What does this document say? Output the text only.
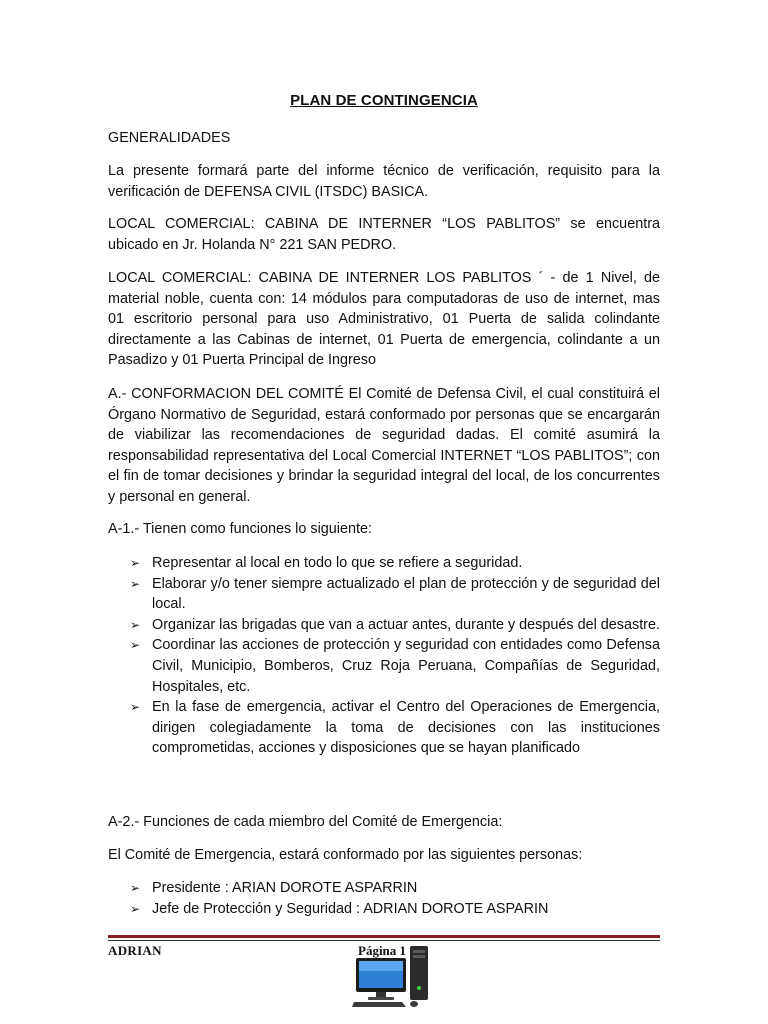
PLAN DE CONTINGENCIA

GENERALIDADES

La presente formará parte del informe técnico de verificación, requisito para la verificación de DEFENSA CIVIL (ITSDC) BASICA.

LOCAL COMERCIAL: CABINA DE INTERNER “LOS PABLITOS” se encuentra ubicado en Jr. Holanda N° 221 SAN PEDRO.

LOCAL COMERCIAL: CABINA DE INTERNER LOS PABLITOS ´ - de 1 Nivel, de material noble, cuenta con: 14 módulos para computadoras de uso de internet, mas 01 escritorio personal para uso Administrativo, 01 Puerta de salida colindante directamente a las Cabinas de internet, 01 Puerta de emergencia, colindante a un Pasadizo y 01 Puerta Principal de Ingreso

A.- CONFORMACION DEL COMITÉ El Comité de Defensa Civil, el cual constituirá el Órgano Normativo de Seguridad, estará conformado por personas que se encargarán de viabilizar las recomendaciones de seguridad dadas. El comité asumirá la responsabilidad representativa del Local Comercial INTERNET “LOS PABLITOS”; con el fin de tomar decisiones y brindar la seguridad integral del local, de los concurrentes y personal en general.

A-1.- Tienen como funciones lo siguiente:

➢ Representar al local en todo lo que se refiere a seguridad.
➢ Elaborar y/o tener siempre actualizado el plan de protección y de seguridad del local.
➢ Organizar las brigadas que van a actuar antes, durante y después del desastre.
➢ Coordinar las acciones de protección y seguridad con entidades como Defensa Civil, Municipio, Bomberos, Cruz Roja Peruana, Compañías de Seguridad, Hospitales, etc.
➢ En la fase de emergencia, activar el Centro del Operaciones de Emergencia, dirigen colegiadamente la toma de decisiones con las instituciones comprometidas, acciones y disposiciones que se hayan planificado

A-2.- Funciones de cada miembro del Comité de Emergencia:

El Comité de Emergencia, estará conformado por las siguientes personas:

➢ Presidente : ARIAN DOROTE ASPARRIN
➢ Jefe de Protección y Seguridad : ADRIAN DOROTE ASPARIN
ADRIAN	Página 1
